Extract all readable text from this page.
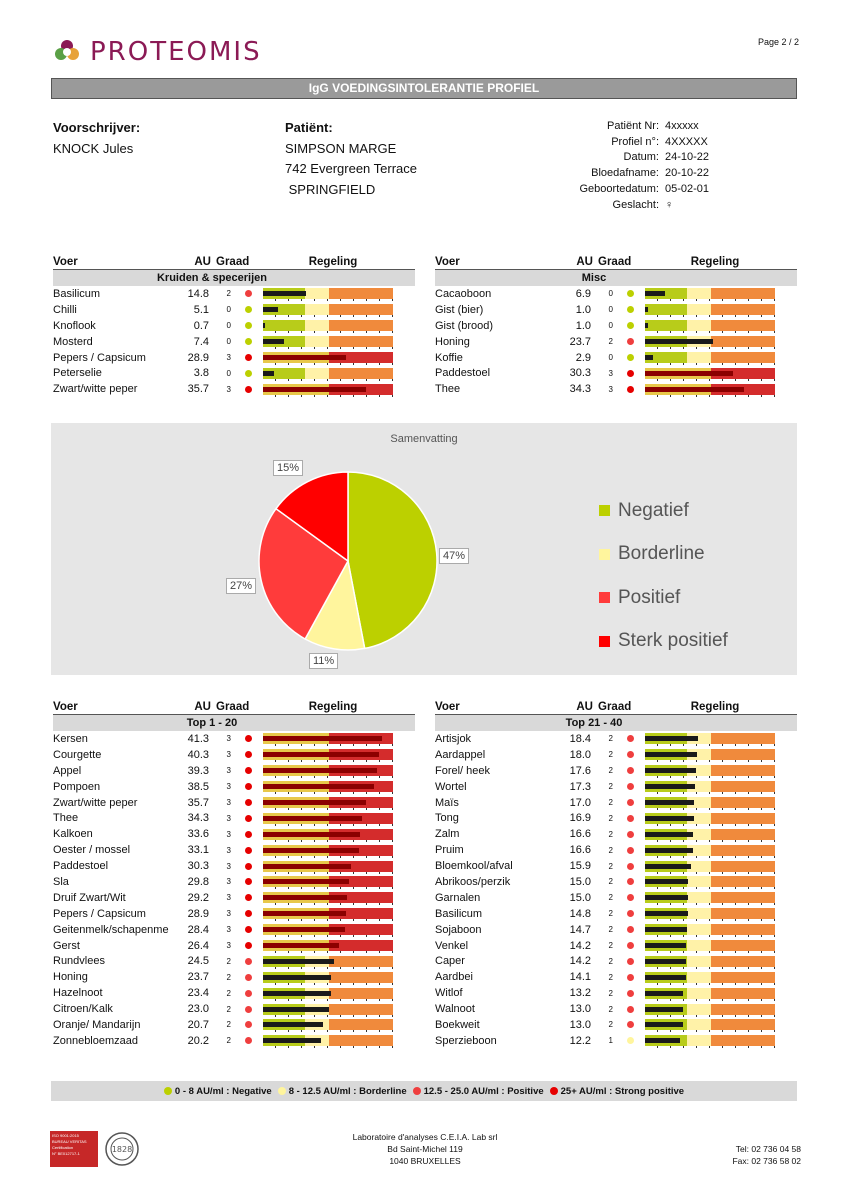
PROTEOMIS	Page 2 / 2
IgG VOEDINGSINTOLERANTIE PROFIEL
Voorschrijver:
KNOCK Jules
Patiënt:
SIMPSON MARGE
742 Evergreen Terrace
SPRINGFIELD
Patiënt Nr: 4xxxxx
Profiel n°: 4XXXXX
Datum: 24-10-22
Bloedafname: 20-10-22
Geboortedatum: 05-02-01
Geslacht: ♀
Voer	AU Graad	Regeling
Kruiden & specerijen
Basilicum	14.8	2
Chilli	5.1	0
Knoflook	0.7	0
Mosterd	7.4	0
Pepers / Capsicum	28.9	3
Peterselie	3.8	0
Zwart/witte peper	35.7	3
Voer	AU Graad	Regeling
Misc
Cacaoboon	6.9	0
Gist (bier)	1.0	0
Gist (brood)	1.0	0
Honing	23.7	2
Koffie	2.9	0
Paddestoel	30.3	3
Thee	34.3	3
Samenvatting
Negatief
Borderline
Positief
Sterk positief
47%
11%
27%
15%
Voer	AU Graad	Regeling
Top 1 - 20
Kersen	41.3	3
Courgette	40.3	3
Appel	39.3	3
Pompoen	38.5	3
Zwart/witte peper	35.7	3
Thee	34.3	3
Kalkoen	33.6	3
Oester / mossel	33.1	3
Paddestoel	30.3	3
Sla	29.8	3
Druif Zwart/Wit	29.2	3
Pepers / Capsicum	28.9	3
Geitenmelk/schapenme	28.4	3
Gerst	26.4	3
Rundvlees	24.5	2
Honing	23.7	2
Hazelnoot	23.4	2
Citroen/Kalk	23.0	2
Oranje/ Mandarijn	20.7	2
Zonnebloemzaad	20.2	2
Voer	AU Graad	Regeling
Top 21 - 40
Artisjok	18.4	2
Aardappel	18.0	2
Forel/ heek	17.6	2
Wortel	17.3	2
Maïs	17.0	2
Tong	16.9	2
Zalm	16.6	2
Pruim	16.6	2
Bloemkool/afval	15.9	2
Abrikoos/perzik	15.0	2
Garnalen	15.0	2
Basilicum	14.8	2
Sojaboon	14.7	2
Venkel	14.2	2
Caper	14.2	2
Aardbei	14.1	2
Witlof	13.2	2
Walnoot	13.0	2
Boekweit	13.0	2
Sperzieboon	12.2	1
0 - 8 AU/ml : Negative 8 - 12.5 AU/ml : Borderline 12.5 - 25.0 AU/ml : Positive 25+ AU/ml : Strong positive
1828
ISO 9001:2015
BUREAU VERITAS
Certification
N° BE012717-1
Laboratoire d'analyses C.E.I.A. Lab srl
Bd Saint-Michel 119
1040 BRUXELLES
Tel: 02 736 04 58
Fax: 02 736 58 02
